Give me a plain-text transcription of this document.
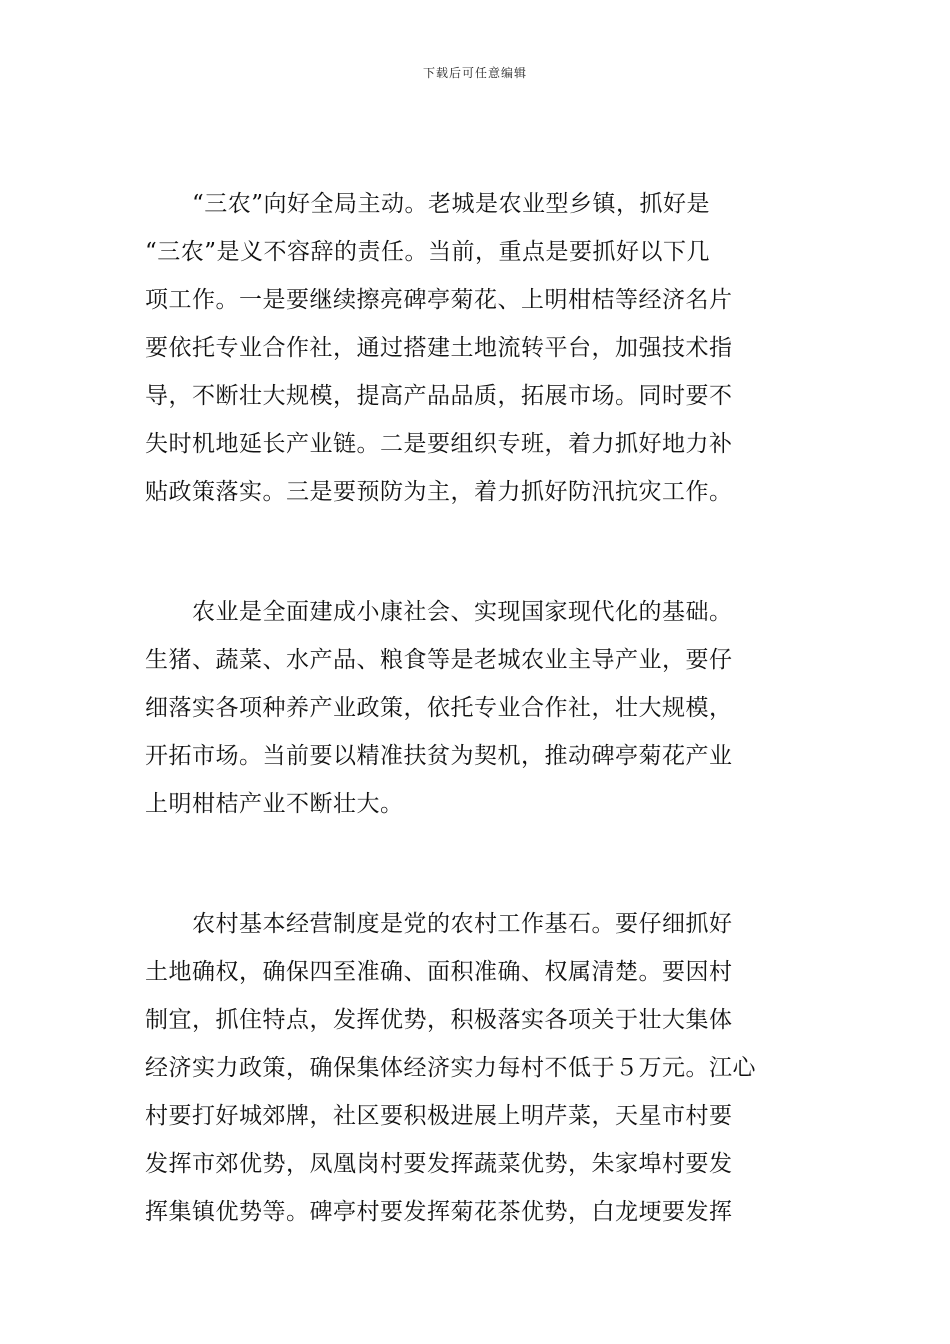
下载后可任意编辑
　　“三农”向好全局主动。老城是农业型乡镇，抓好是
“三农”是义不容辞的责任。当前，重点是要抓好以下几
项工作。一是要继续擦亮碑亭菊花、上明柑桔等经济名片
要依托专业合作社，通过搭建土地流转平台，加强技术指
导，不断壮大规模，提高产品品质，拓展市场。同时要不
失时机地延长产业链。二是要组织专班，着力抓好地力补
贴政策落实。三是要预防为主，着力抓好防汛抗灾工作。
　　农业是全面建成小康社会、实现国家现代化的基础。
生猪、蔬菜、水产品、粮食等是老城农业主导产业，要仔
细落实各项种养产业政策，依托专业合作社，壮大规模，
开拓市场。当前要以精准扶贫为契机，推动碑亭菊花产业
上明柑桔产业不断壮大。
　　农村基本经营制度是党的农村工作基石。要仔细抓好
土地确权，确保四至准确、面积准确、权属清楚。要因村
制宜，抓住特点，发挥优势，积极落实各项关于壮大集体
经济实力政策，确保集体经济实力每村不低于５万元。江心
村要打好城郊牌，社区要积极进展上明芹菜，天星市村要
发挥市郊优势，凤凰岗村要发挥蔬菜优势，朱家埠村要发
挥集镇优势等。碑亭村要发挥菊花茶优势，白龙埂要发挥
